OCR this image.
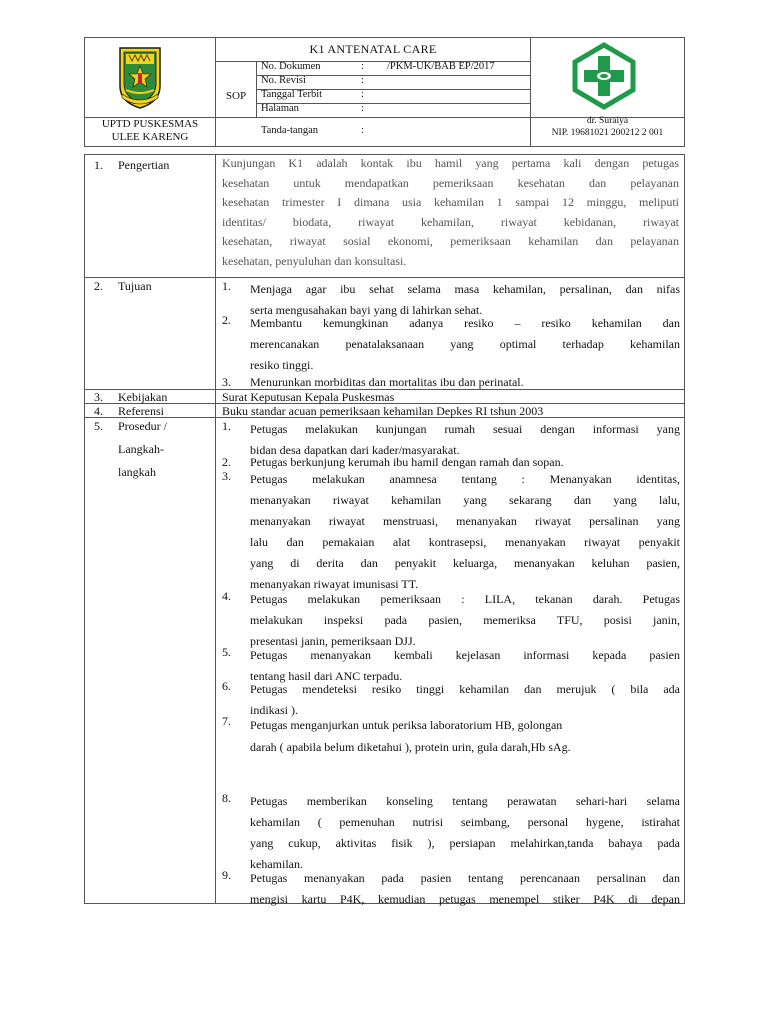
K1 ANTENATAL CARE
SOP
No. Dokumen	: /PKM-UK/BAB EP/2017
No. Revisi	:
Tanggal Terbit	:
Halaman	:
UPTD PUSKESMAS
ULEE KARENG
Tanda-tangan	:
dr. Suraiya
NIP. 19681021 200212 2 001
1. Pengertian	Kunjungan K1 adalah kontak ibu hamil yang pertama kali dengan petugas
kesehatan untuk mendapatkan pemeriksaan kesehatan dan pelayanan
kesehatan trimester I dimana usia kehamilan 1 sampai 12 minggu, meliputi
identitas/ biodata, riwayat kehamilan, riwayat kebidanan, riwayat
kesehatan, riwayat sosial ekonomi, pemeriksaan kehamilan dan pelayanan
kesehatan, penyuluhan dan konsultasi.
2. Tujuan	1.	Menjaga agar ibu sehat selama masa kehamilan, persalinan, dan nifas
serta mengusahakan bayi yang di lahirkan sehat.
2.	Membantu kemungkinan adanya resiko – resiko kehamilan dan
merencanakan penatalaksanaan yang optimal terhadap kehamilan
resiko tinggi.
3.	Menurunkan morbiditas dan mortalitas ibu dan perinatal.
3. Kebijakan	Surat Keputusan Kepala Puskesmas
4. Referensi	Buku standar acuan pemeriksaan kehamilan Depkes RI tshun 2003
5. Prosedur /
Langkah-
langkah
1.	Petugas melakukan kunjungan rumah sesuai dengan informasi yang
bidan desa dapatkan dari kader/masyarakat.
2.	Petugas berkunjung kerumah ibu hamil dengan ramah dan sopan.
3.	Petugas melakukan anamnesa tentang : Menanyakan identitas,
menanyakan riwayat kehamilan yang sekarang dan yang lalu,
menanyakan riwayat menstruasi, menanyakan riwayat persalinan yang
lalu dan pemakaian alat kontrasepsi, menanyakan riwayat penyakit
yang di derita dan penyakit keluarga, menanyakan keluhan pasien,
menanyakan riwayat imunisasi TT.
4.	Petugas melakukan pemeriksaan : LILA, tekanan darah. Petugas
melakukan inspeksi pada pasien, memeriksa TFU, posisi janin,
presentasi janin, pemeriksaan DJJ.
5.	Petugas menanyakan kembali kejelasan informasi kepada pasien
tentang hasil dari ANC terpadu.
6.	Petugas mendeteksi resiko tinggi kehamilan dan merujuk ( bila ada
indikasi ).
7.	Petugas menganjurkan untuk periksa laboratorium HB, golongan
darah ( apabila belum diketahui ), protein urin, gula darah,Hb sAg.
8.	Petugas memberikan konseling tentang perawatan sehari-hari selama
kehamilan ( pemenuhan nutrisi seimbang, personal hygene, istirahat
yang cukup, aktivitas fisik ), persiapan melahirkan,tanda bahaya pada
kehamilan.
9.	Petugas menanyakan pada pasien tentang perencanaan persalinan dan
mengisi kartu P4K, kemudian petugas menempel stiker P4K di depan
